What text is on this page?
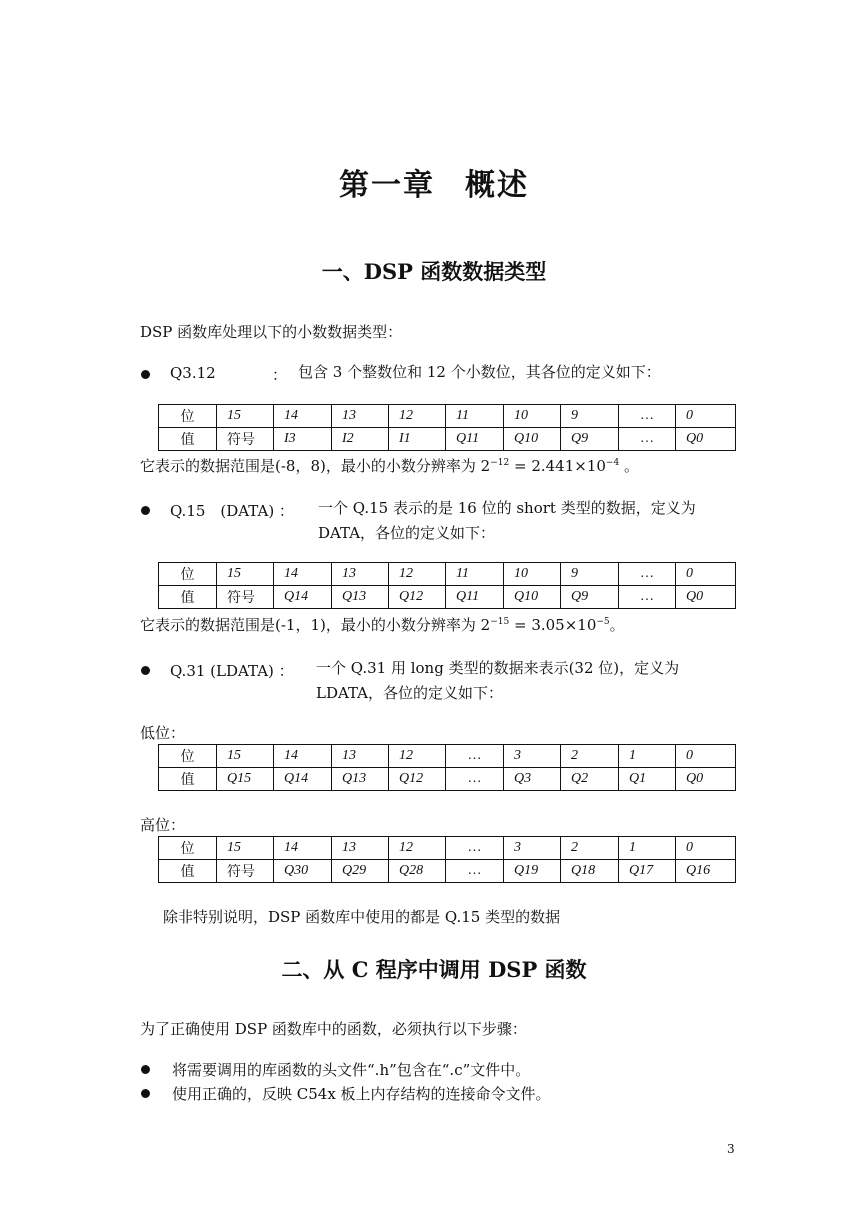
第一章 概述
一、DSP 函数数据类型
DSP 函数库处理以下的小数数据类型：
Q3.12	： 包含 3 个整数位和 12 个小数位，其各位的定义如下：
位	15	14	13	12	11	10	9	…	0
值	符号	I3	I2	I1	Q11	Q10	Q9	…	Q0
它表示的数据范围是(-8，8)，最小的小数分辨率为 $2^{-12} = 2.441\times 10^{-4}$ 。
Q.15　(DATA) ： 一个 Q.15 表示的是 16 位的 short 类型的数据，定义为
DATA，各位的定义如下：
位	15	14	13	12	11	10	9	…	0
值	符号	Q14	Q13	Q12	Q11	Q10	Q9	…	Q0
它表示的数据范围是(-1，1)，最小的小数分辨率为 $2^{-15} = 3.05\times 10^{-5}$。
Q.31 (LDATA) ： 一个 Q.31 用 long 类型的数据来表示(32 位)，定义为
LDATA，各位的定义如下：
低位：
位	15	14	13	12	…	3	2	1	0
值	Q15	Q14	Q13	Q12	…	Q3	Q2	Q1	Q0
高位：
位	15	14	13	12	…	3	2	1	0
值	符号	Q30	Q29	Q28	…	Q19	Q18	Q17	Q16
除非特别说明，DSP 函数库中使用的都是 Q.15 类型的数据
二、从 C 程序中调用 DSP 函数
为了正确使用 DSP 函数库中的函数，必须执行以下步骤：
将需要调用的库函数的头文件“.h”包含在“.c”文件中。
使用正确的，反映 C54x 板上内存结构的连接命令文件。
3
